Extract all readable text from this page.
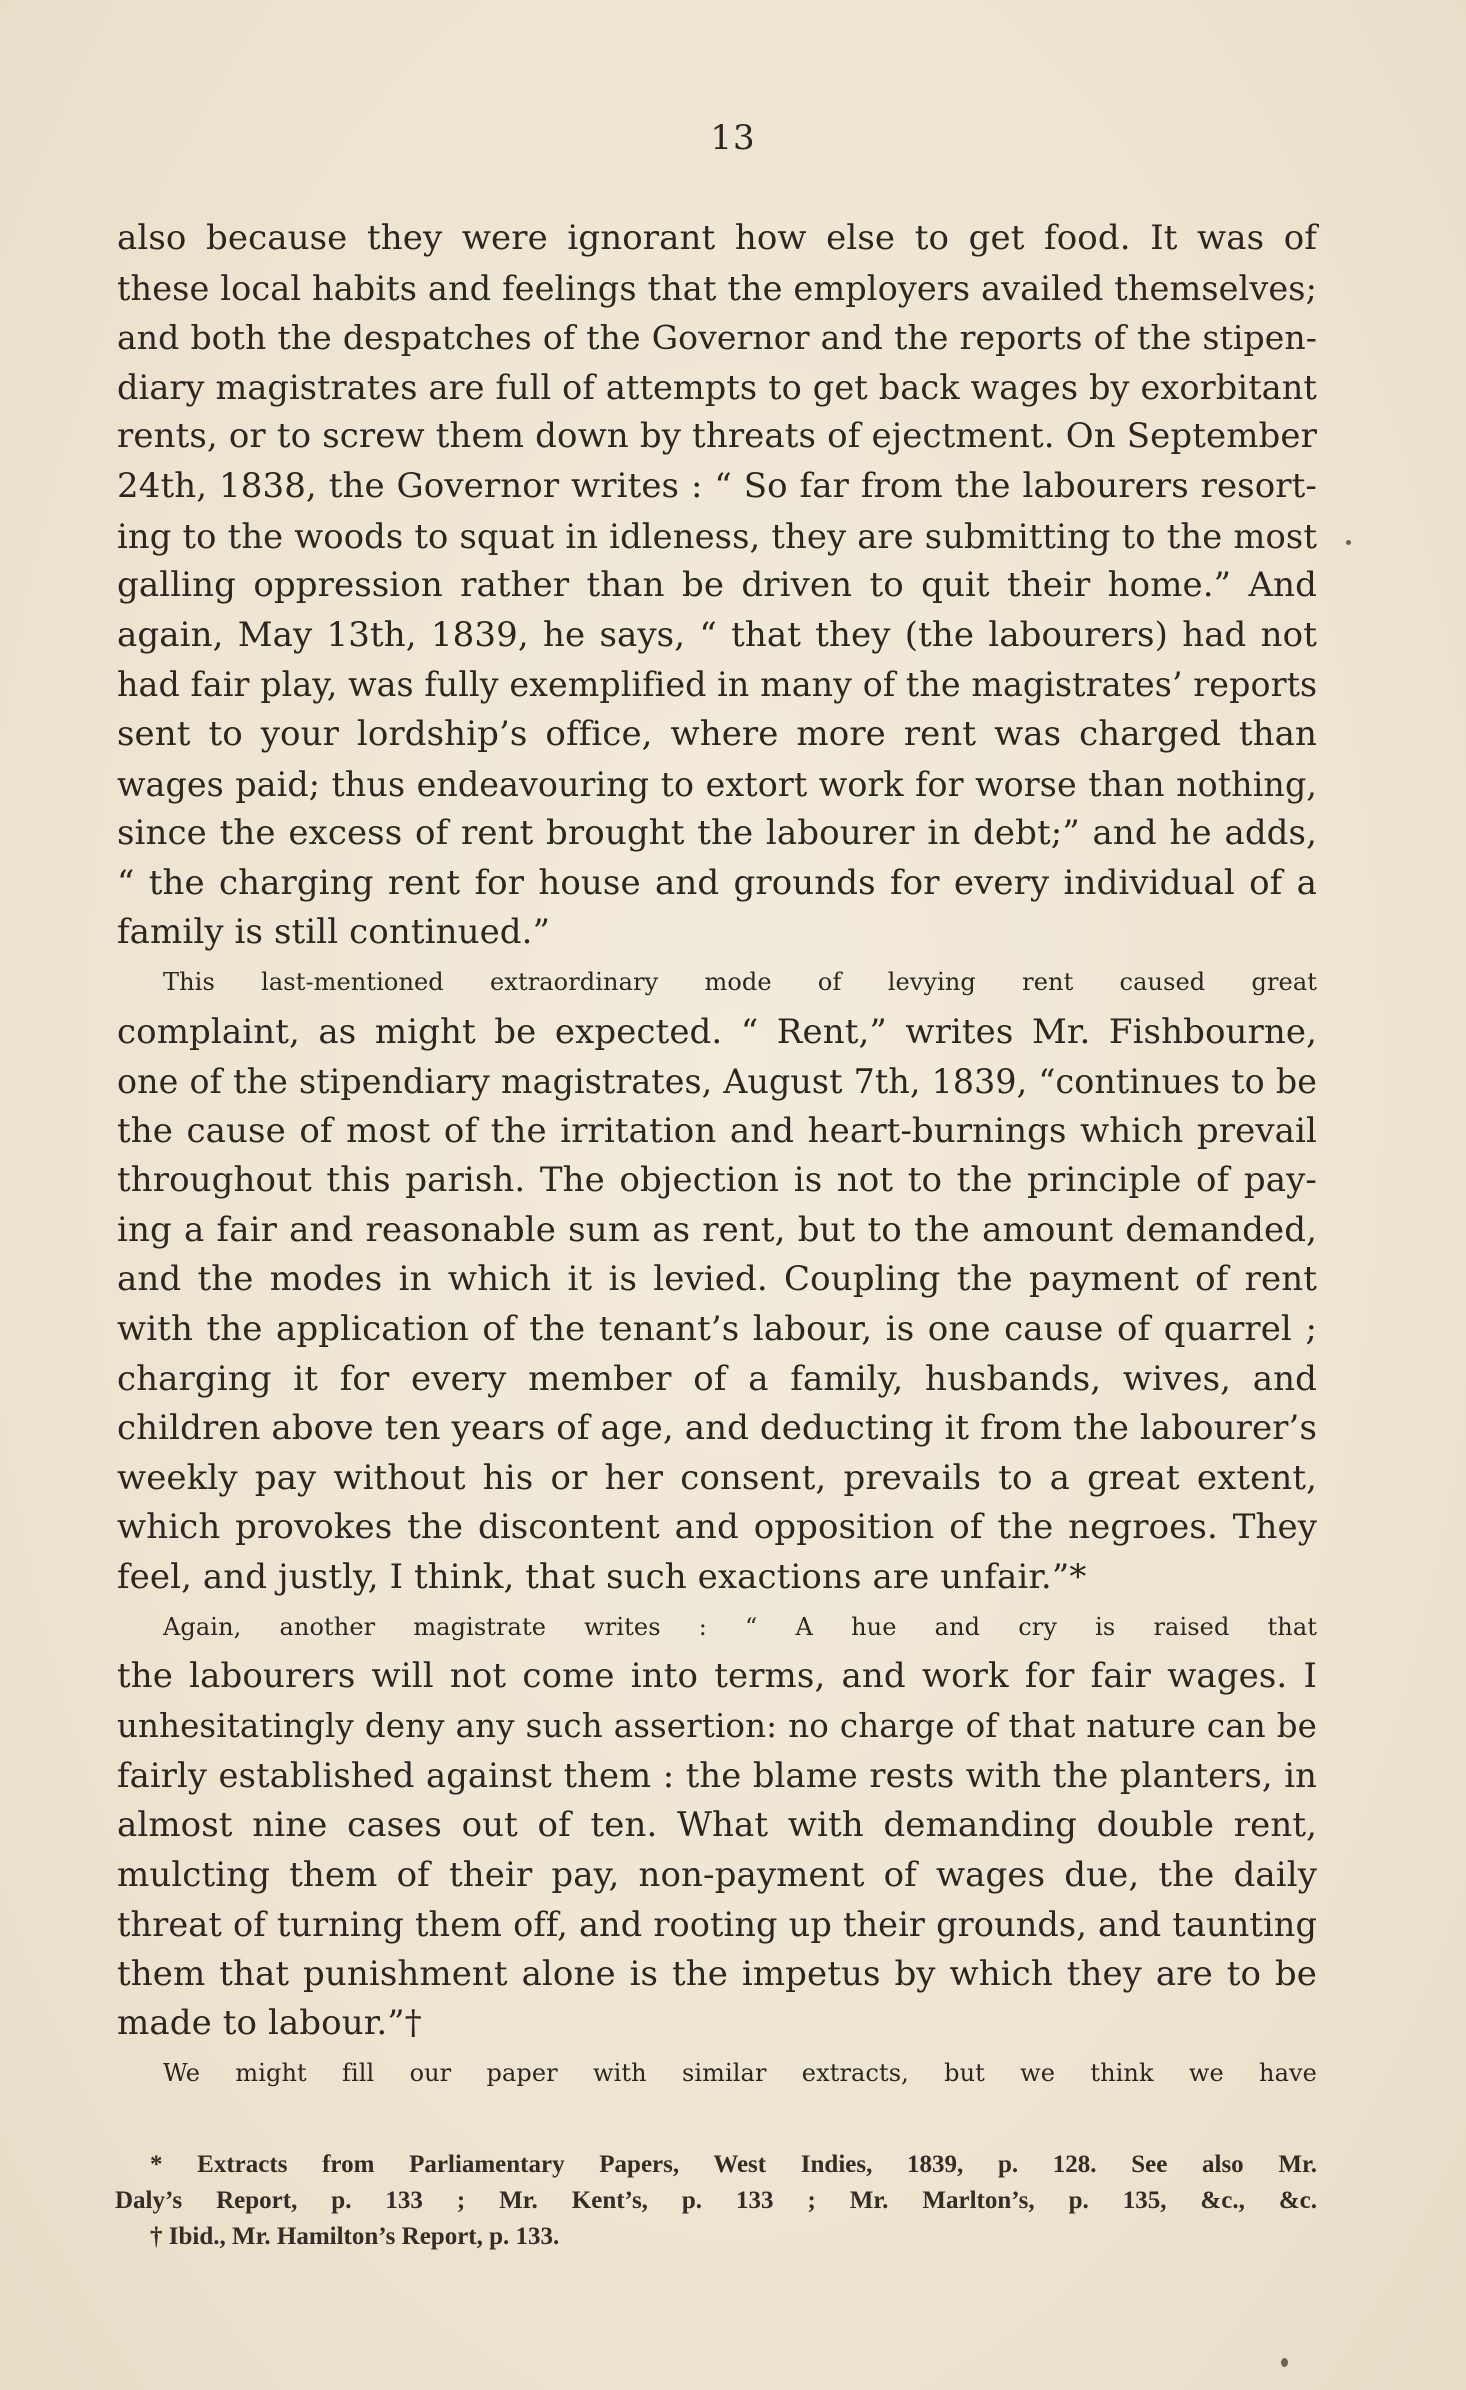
13
also because they were ignorant how else to get food. It was of
these local habits and feelings that the employers availed themselves;
and both the despatches of the Governor and the reports of the stipen-
diary magistrates are full of attempts to get back wages by exorbitant
rents, or to screw them down by threats of ejectment. On September
24th, 1838, the Governor writes : “ So far from the labourers resort-
ing to the woods to squat in idleness, they are submitting to the most
galling oppression rather than be driven to quit their home.” And
again, May 13th, 1839, he says, “ that they (the labourers) had not
had fair play, was fully exemplified in many of the magistrates’ reports
sent to your lordship’s office, where more rent was charged than
wages paid; thus endeavouring to extort work for worse than nothing,
since the excess of rent brought the labourer in debt;” and he adds,
“ the charging rent for house and grounds for every individual of a
family is still continued.”
This last-mentioned extraordinary mode of levying rent caused great
complaint, as might be expected. “ Rent,” writes Mr. Fishbourne,
one of the stipendiary magistrates, August 7th, 1839, “continues to be
the cause of most of the irritation and heart-burnings which prevail
throughout this parish. The objection is not to the principle of pay-
ing a fair and reasonable sum as rent, but to the amount demanded,
and the modes in which it is levied. Coupling the payment of rent
with the application of the tenant’s labour, is one cause of quarrel ;
charging it for every member of a family, husbands, wives, and
children above ten years of age, and deducting it from the labourer’s
weekly pay without his or her consent, prevails to a great extent,
which provokes the discontent and opposition of the negroes. They
feel, and justly, I think, that such exactions are unfair.”*
Again, another magistrate writes : “ A hue and cry is raised that
the labourers will not come into terms, and work for fair wages. I
unhesitatingly deny any such assertion: no charge of that nature can be
fairly established against them : the blame rests with the planters, in
almost nine cases out of ten. What with demanding double rent,
mulcting them of their pay, non-payment of wages due, the daily
threat of turning them off, and rooting up their grounds, and taunting
them that punishment alone is the impetus by which they are to be
made to labour.”†
We might fill our paper with similar extracts, but we think we have
* Extracts from Parliamentary Papers, West Indies, 1839, p. 128. See also Mr.
Daly’s Report, p. 133 ; Mr. Kent’s, p. 133 ; Mr. Marlton’s, p. 135, &c., &c.
† Ibid., Mr. Hamilton’s Report, p. 133.
